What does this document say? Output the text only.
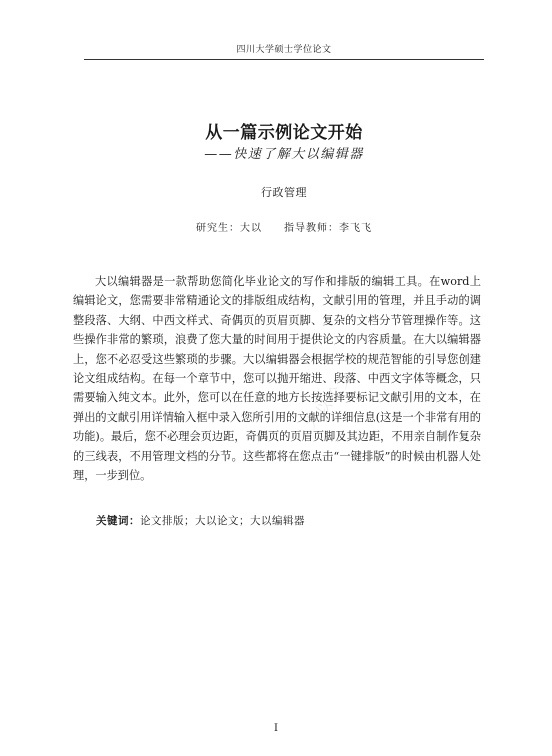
四川大学硕士学位论文
从一篇示例论文开始
——快速了解大以编辑器
行政管理
研究生：大以 指导教师：李飞飞

大以编辑器是一款帮助您简化毕业论文的写作和排版的编辑工具。在word上编辑论文，您需要非常精通论文的排版组成结构，文献引用的管理，并且手动的调整段落、大纲、中西文样式、奇偶页的页眉页脚、复杂的文档分节管理操作等。这些操作非常的繁琐，浪费了您大量的时间用于提供论文的内容质量。在大以编辑器上，您不必忍受这些繁琐的步骤。大以编辑器会根据学校的规范智能的引导您创建论文组成结构。在每一个章节中，您可以抛开缩进、段落、中西文字体等概念，只需要输入纯文本。此外，您可以在任意的地方长按选择要标记文献引用的文本，在弹出的文献引用详情输入框中录入您所引用的文献的详细信息(这是一个非常有用的功能)。最后，您不必理会页边距，奇偶页的页眉页脚及其边距，不用亲自制作复杂的三线表，不用管理文档的分节。这些都将在您点击“一键排版”的时候由机器人处理，一步到位。

大以论文
关键词：论文排版；大以论文；大以编辑器
I
